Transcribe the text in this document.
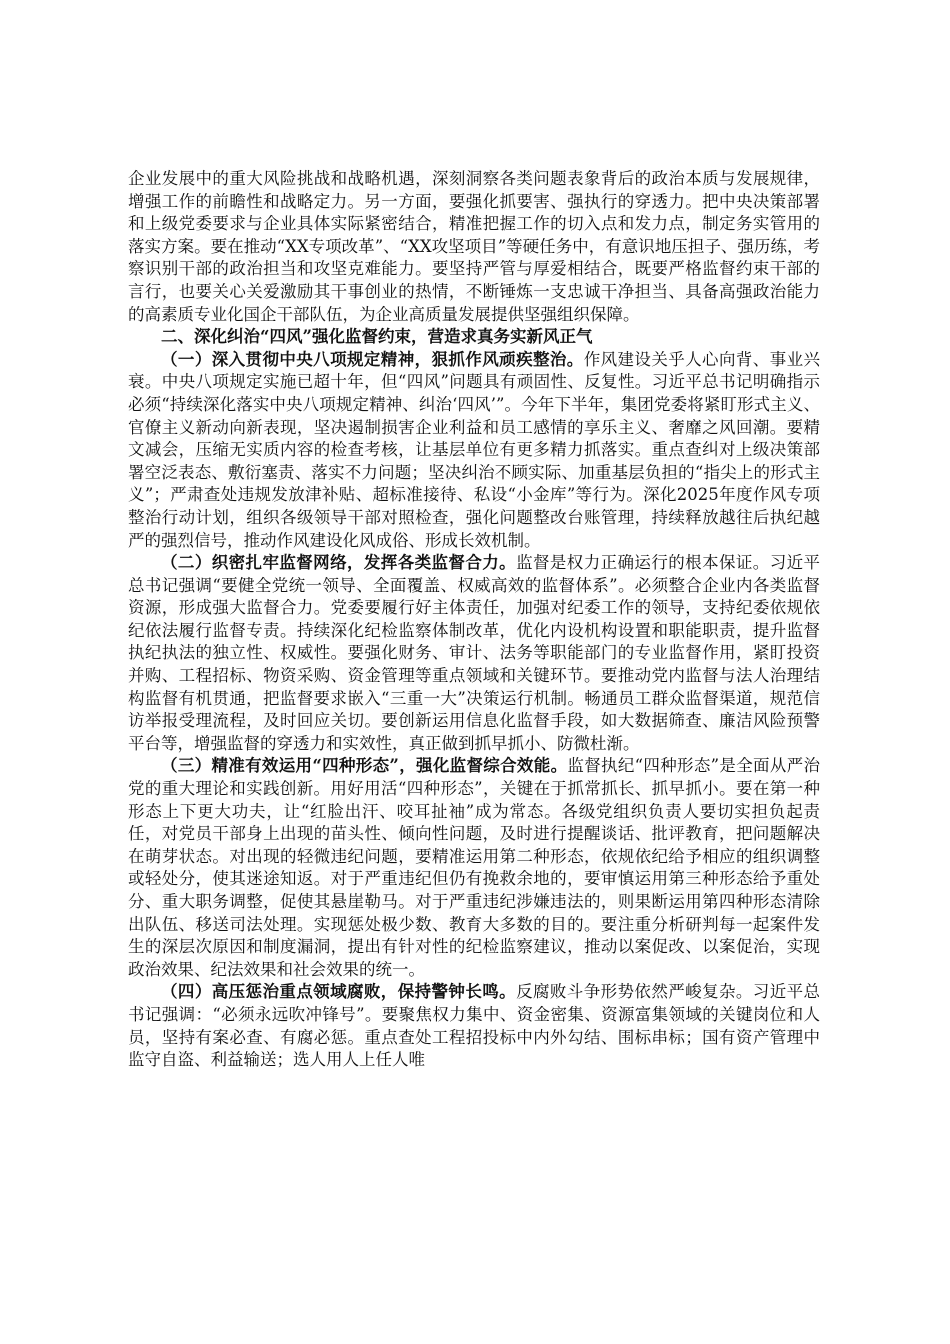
企业发展中的重大风险挑战和战略机遇，深刻洞察各类问题表象背后的政治本质与发展规律，增强工作的前瞻性和战略定力。另一方面，要强化抓要害、强执行的穿透力。把中央决策部署和上级党委要求与企业具体实际紧密结合，精准把握工作的切入点和发力点，制定务实管用的落实方案。要在推动“XX专项改革”、“XX攻坚项目”等硬任务中，有意识地压担子、强历练，考察识别干部的政治担当和攻坚克难能力。要坚持严管与厚爱相结合，既要严格监督约束干部的言行，也要关心关爱激励其干事创业的热情，不断锤炼一支忠诚干净担当、具备高强政治能力的高素质专业化国企干部队伍，为企业高质量发展提供坚强组织保障。

二、深化纠治“四风”强化监督约束，营造求真务实新风正气

（一）深入贯彻中央八项规定精神，狠抓作风顽疾整治。作风建设关乎人心向背、事业兴衰。中央八项规定实施已超十年，但“四风”问题具有顽固性、反复性。习近平总书记明确指示必须“持续深化落实中央八项规定精神、纠治‘四风’”。今年下半年，集团党委将紧盯形式主义、官僚主义新动向新表现，坚决遏制损害企业利益和员工感情的享乐主义、奢靡之风回潮。要精文减会，压缩无实质内容的检查考核，让基层单位有更多精力抓落实。重点查纠对上级决策部署空泛表态、敷衍塞责、落实不力问题；坚决纠治不顾实际、加重基层负担的“指尖上的形式主义”；严肃查处违规发放津补贴、超标准接待、私设“小金库”等行为。深化2025年度作风专项整治行动计划，组织各级领导干部对照检查，强化问题整改台账管理，持续释放越往后执纪越严的强烈信号，推动作风建设化风成俗、形成长效机制。

（二）织密扎牢监督网络，发挥各类监督合力。监督是权力正确运行的根本保证。习近平总书记强调“要健全党统一领导、全面覆盖、权威高效的监督体系”。必须整合企业内各类监督资源，形成强大监督合力。党委要履行好主体责任，加强对纪委工作的领导，支持纪委依规依纪依法履行监督专责。持续深化纪检监察体制改革，优化内设机构设置和职能职责，提升监督执纪执法的独立性、权威性。要强化财务、审计、法务等职能部门的专业监督作用，紧盯投资并购、工程招标、物资采购、资金管理等重点领域和关键环节。要推动党内监督与法人治理结构监督有机贯通，把监督要求嵌入“三重一大”决策运行机制。畅通员工群众监督渠道，规范信访举报受理流程，及时回应关切。要创新运用信息化监督手段，如大数据筛查、廉洁风险预警平台等，增强监督的穿透力和实效性，真正做到抓早抓小、防微杜渐。

（三）精准有效运用“四种形态”，强化监督综合效能。监督执纪“四种形态”是全面从严治党的重大理论和实践创新。用好用活“四种形态”，关键在于抓常抓长、抓早抓小。要在第一种形态上下更大功夫，让“红脸出汗、咬耳扯袖”成为常态。各级党组织负责人要切实担负起责任，对党员干部身上出现的苗头性、倾向性问题，及时进行提醒谈话、批评教育，把问题解决在萌芽状态。对出现的轻微违纪问题，要精准运用第二种形态，依规依纪给予相应的组织调整或轻处分，使其迷途知返。对于严重违纪但仍有挽救余地的，要审慎运用第三种形态给予重处分、重大职务调整，促使其悬崖勒马。对于严重违纪涉嫌违法的，则果断运用第四种形态清除出队伍、移送司法处理。实现惩处极少数、教育大多数的目的。要注重分析研判每一起案件发生的深层次原因和制度漏洞，提出有针对性的纪检监察建议，推动以案促改、以案促治，实现政治效果、纪法效果和社会效果的统一。

（四）高压惩治重点领域腐败，保持警钟长鸣。反腐败斗争形势依然严峻复杂。习近平总书记强调：“必须永远吹冲锋号”。要聚焦权力集中、资金密集、资源富集领域的关键岗位和人员，坚持有案必查、有腐必惩。重点查处工程招投标中内外勾结、围标串标；国有资产管理中监守自盗、利益输送；选人用人上任人唯
